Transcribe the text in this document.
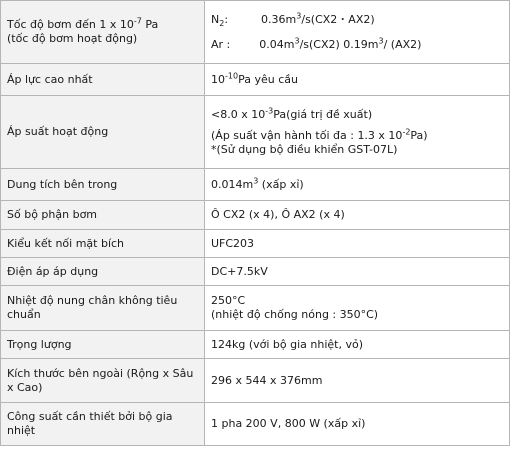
Tốc độ bơm đến 1 x $10^{-7}$ Pa
(tốc độ bơm hoạt động)	$N_2$: $0.36m^3/s(CX2$・AX2)
Ar : $0.04m^3/s(CX2)$ $0.19m^3/$ (AX2)

Áp lực cao nhất	$10^{-10}Pa$ yêu cầu
Áp suất hoạt động	<8.0 x $10^{-3}Pa(giá$ trị đề xuất)
(Áp suất vận hành tối đa : 1.3 x $10^{-2}Pa$)
*(Sử dụng bộ điều khiển GST-07L)

Dung tích bên trong	$0.014m^3$ (xấp xỉ)
Số bộ phận bơm	Ô CX2 (x 4), Ô AX2 (x 4)
Kiểu kết nối mặt bích	UFC203
Điện áp áp dụng	DC+7.5kV
Nhiệt độ nung chân không tiêu chuẩn	250°C
(nhiệt độ chống nóng : 350°C)

Trọng lượng	124kg (với bộ gia nhiệt, vỏ)
Kích thước bên ngoài (Rộng x Sâu x Cao)	296 x 544 x 376mm
Công suất cần thiết bởi bộ gia nhiệt	1 pha 200 V, 800 W (xấp xỉ)
